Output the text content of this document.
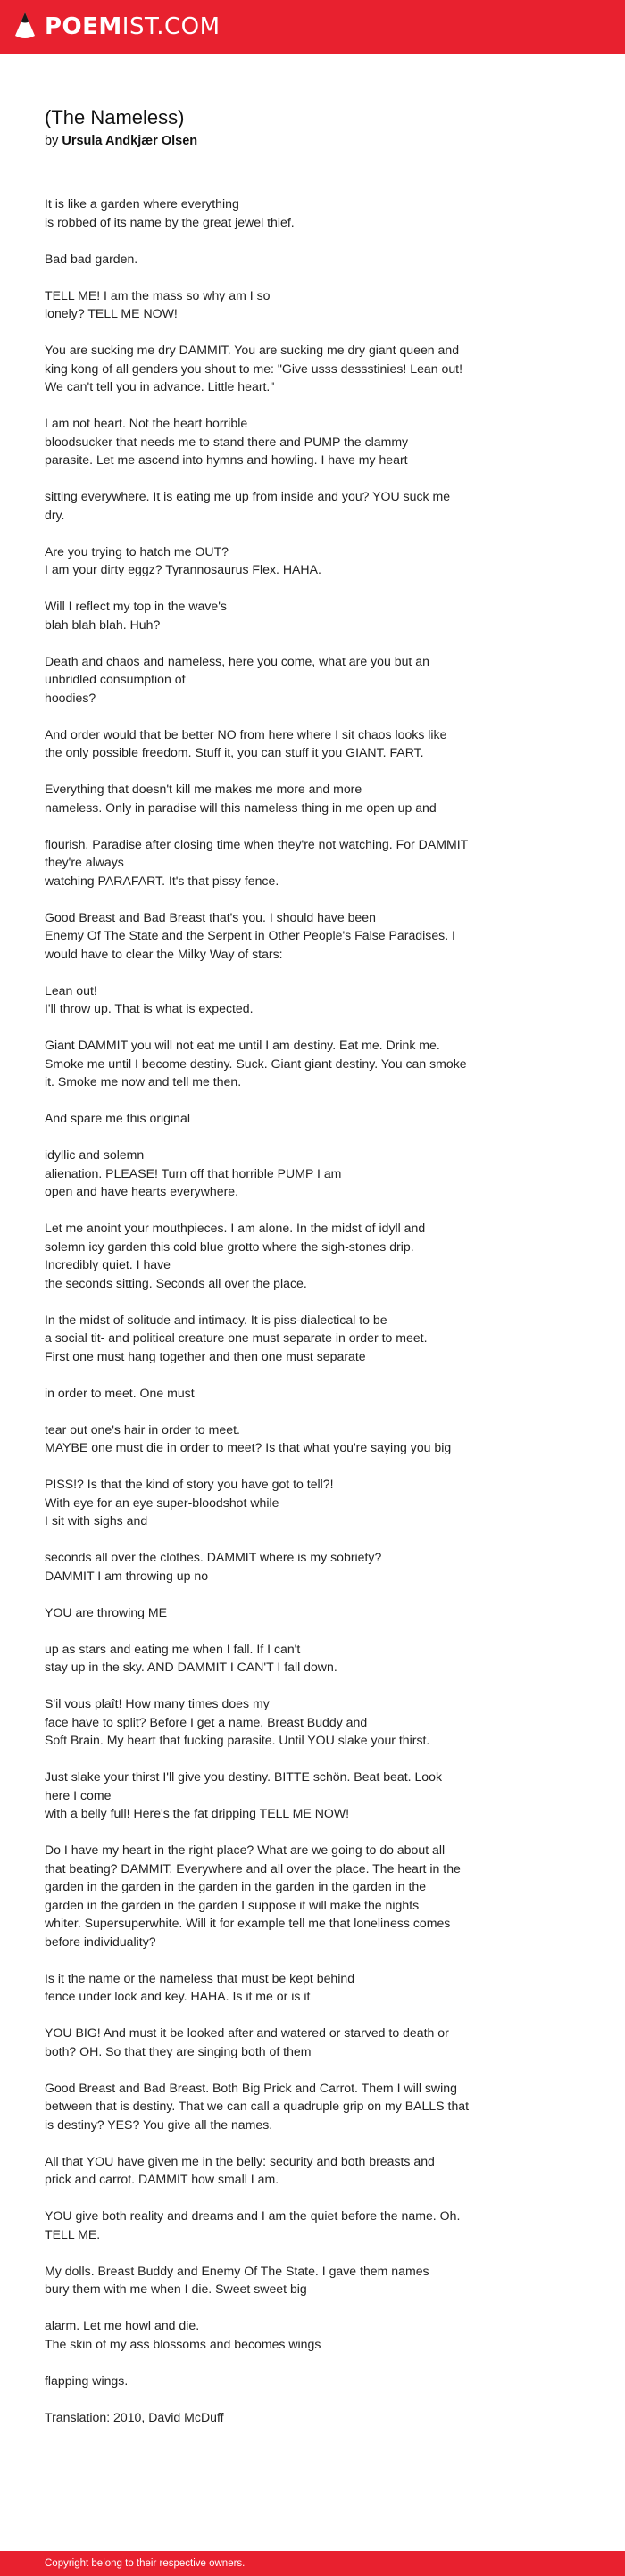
POEMIST.COM
(The Nameless)
by Ursula Andkjær Olsen

It is like a garden where everything
is robbed of its name by the great jewel thief.

Bad bad garden.

TELL ME! I am the mass so why am I so
lonely? TELL ME NOW!

You are sucking me dry DAMMIT. You are sucking me dry giant queen and
king kong of all genders you shout to me: "Give usss dessstinies! Lean out!
We can't tell you in advance. Little heart."

I am not heart. Not the heart horrible
bloodsucker that needs me to stand there and PUMP the clammy
parasite. Let me ascend into hymns and howling. I have my heart

sitting everywhere. It is eating me up from inside and you? YOU suck me
dry.

Are you trying to hatch me OUT?
I am your dirty eggz? Tyrannosaurus Flex. HAHA.

Will I reflect my top in the wave's
blah blah blah. Huh?

Death and chaos and nameless, here you come, what are you but an
unbridled consumption of
hoodies?

And order would that be better NO from here where I sit chaos looks like
the only possible freedom. Stuff it, you can stuff it you GIANT. FART.

Everything that doesn't kill me makes me more and more
nameless. Only in paradise will this nameless thing in me open up and

flourish. Paradise after closing time when they're not watching. For DAMMIT
they're always
watching PARAFART. It's that pissy fence.

Good Breast and Bad Breast that's you. I should have been
Enemy Of The State and the Serpent in Other People's False Paradises. I
would have to clear the Milky Way of stars:

Lean out!
I'll throw up. That is what is expected.

Giant DAMMIT you will not eat me until I am destiny. Eat me. Drink me.
Smoke me until I become destiny. Suck. Giant giant destiny. You can smoke
it. Smoke me now and tell me then.

And spare me this original

idyllic and solemn
alienation. PLEASE! Turn off that horrible PUMP I am
open and have hearts everywhere.

Let me anoint your mouthpieces. I am alone. In the midst of idyll and
solemn icy garden this cold blue grotto where the sigh-stones drip.
Incredibly quiet. I have
the seconds sitting. Seconds all over the place.

In the midst of solitude and intimacy. It is piss-dialectical to be
a social tit- and political creature one must separate in order to meet.
First one must hang together and then one must separate

in order to meet. One must

tear out one's hair in order to meet.
MAYBE one must die in order to meet? Is that what you're saying you big

PISS!? Is that the kind of story you have got to tell?!
With eye for an eye super-bloodshot while
I sit with sighs and

seconds all over the clothes. DAMMIT where is my sobriety?
DAMMIT I am throwing up no

YOU are throwing ME

up as stars and eating me when I fall. If I can't
stay up in the sky. AND DAMMIT I CAN'T I fall down.

S'il vous plaît! How many times does my
face have to split? Before I get a name. Breast Buddy and
Soft Brain. My heart that fucking parasite. Until YOU slake your thirst.

Just slake your thirst I'll give you destiny. BITTE schön. Beat beat. Look
here I come
with a belly full! Here's the fat dripping TELL ME NOW!

Do I have my heart in the right place? What are we going to do about all
that beating? DAMMIT. Everywhere and all over the place. The heart in the
garden in the garden in the garden in the garden in the garden in the
garden in the garden in the garden I suppose it will make the nights
whiter. Supersuperwhite. Will it for example tell me that loneliness comes
before individuality?

Is it the name or the nameless that must be kept behind
fence under lock and key. HAHA. Is it me or is it

YOU BIG! And must it be looked after and watered or starved to death or
both? OH. So that they are singing both of them

Good Breast and Bad Breast. Both Big Prick and Carrot. Them I will swing
between that is destiny. That we can call a quadruple grip on my BALLS that
is destiny? YES? You give all the names.

All that YOU have given me in the belly: security and both breasts and
prick and carrot. DAMMIT how small I am.

YOU give both reality and dreams and I am the quiet before the name. Oh.
TELL ME.

My dolls. Breast Buddy and Enemy Of The State. I gave them names
bury them with me when I die. Sweet sweet big

alarm. Let me howl and die.
The skin of my ass blossoms and becomes wings

flapping wings.

Translation: 2010, David McDuff

Copyright belong to their respective owners.
